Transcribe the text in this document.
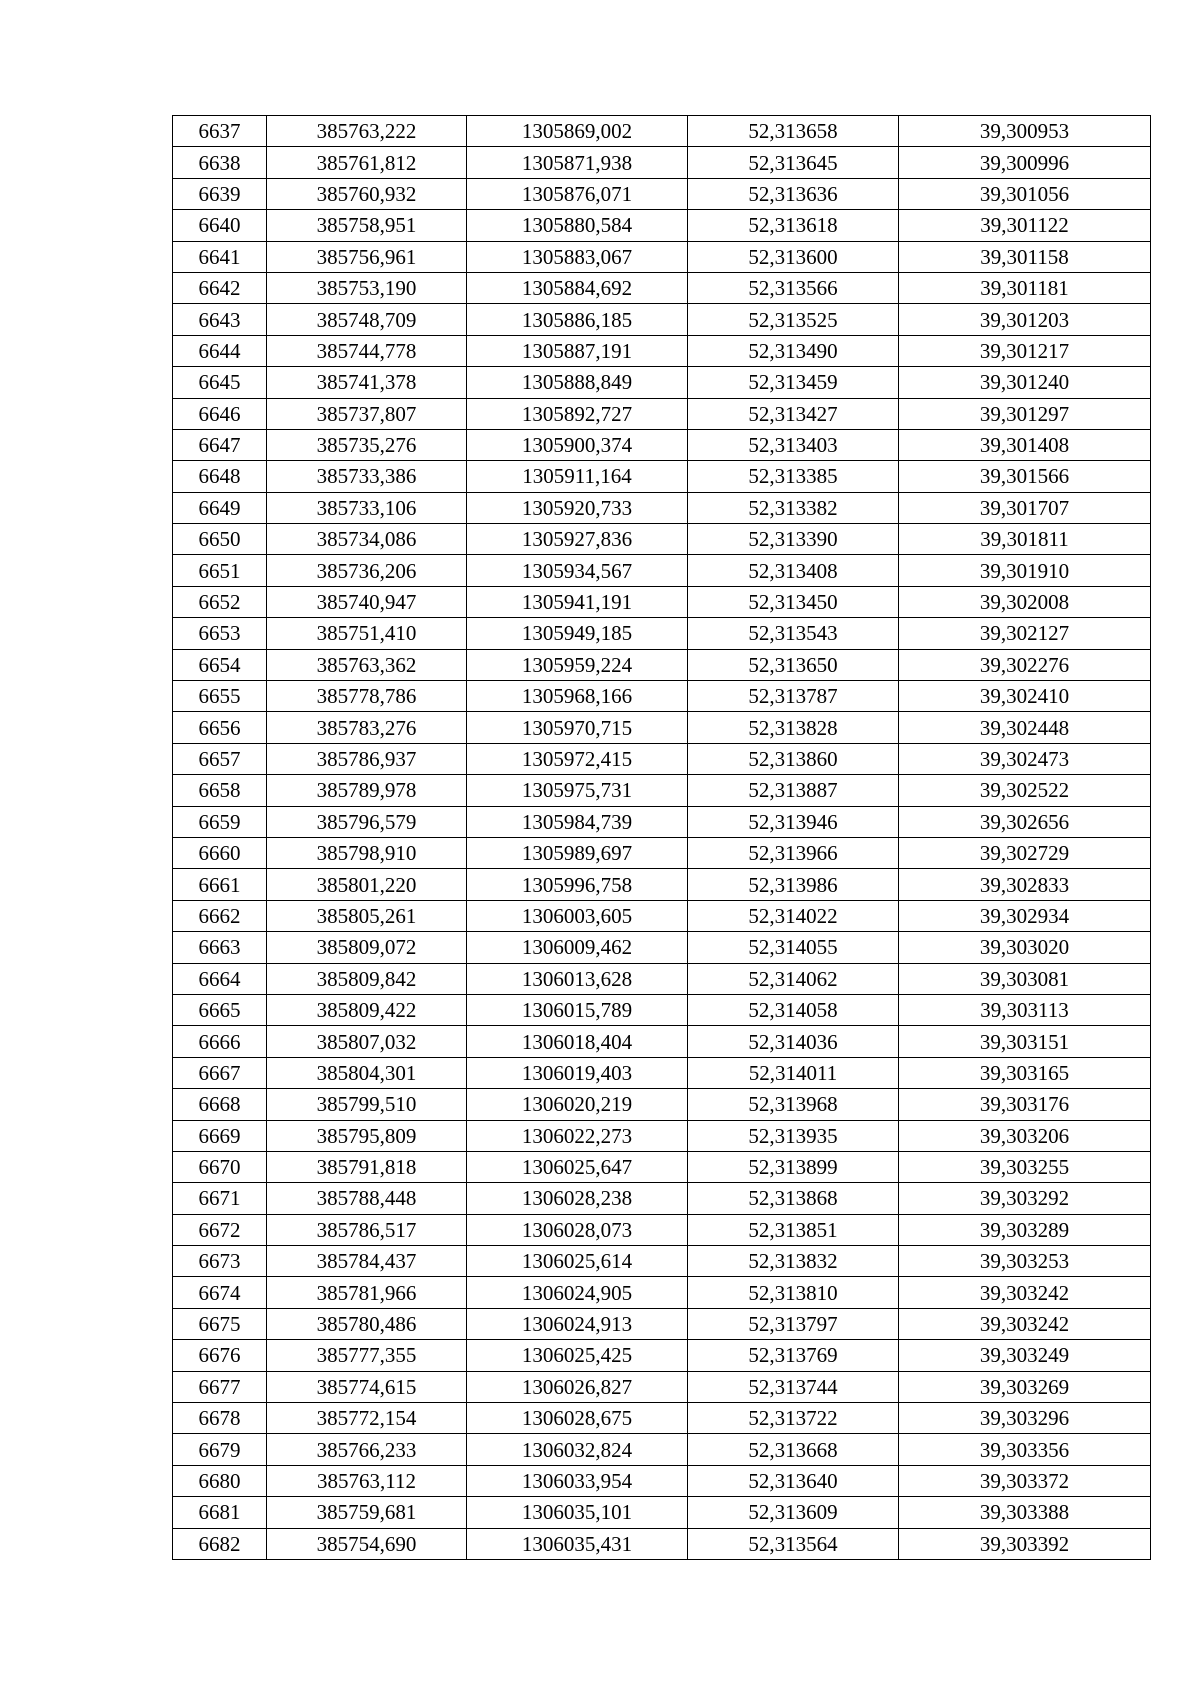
6637	385763,222	1305869,002	52,313658	39,300953
6638	385761,812	1305871,938	52,313645	39,300996
6639	385760,932	1305876,071	52,313636	39,301056
6640	385758,951	1305880,584	52,313618	39,301122
6641	385756,961	1305883,067	52,313600	39,301158
6642	385753,190	1305884,692	52,313566	39,301181
6643	385748,709	1305886,185	52,313525	39,301203
6644	385744,778	1305887,191	52,313490	39,301217
6645	385741,378	1305888,849	52,313459	39,301240
6646	385737,807	1305892,727	52,313427	39,301297
6647	385735,276	1305900,374	52,313403	39,301408
6648	385733,386	1305911,164	52,313385	39,301566
6649	385733,106	1305920,733	52,313382	39,301707
6650	385734,086	1305927,836	52,313390	39,301811
6651	385736,206	1305934,567	52,313408	39,301910
6652	385740,947	1305941,191	52,313450	39,302008
6653	385751,410	1305949,185	52,313543	39,302127
6654	385763,362	1305959,224	52,313650	39,302276
6655	385778,786	1305968,166	52,313787	39,302410
6656	385783,276	1305970,715	52,313828	39,302448
6657	385786,937	1305972,415	52,313860	39,302473
6658	385789,978	1305975,731	52,313887	39,302522
6659	385796,579	1305984,739	52,313946	39,302656
6660	385798,910	1305989,697	52,313966	39,302729
6661	385801,220	1305996,758	52,313986	39,302833
6662	385805,261	1306003,605	52,314022	39,302934
6663	385809,072	1306009,462	52,314055	39,303020
6664	385809,842	1306013,628	52,314062	39,303081
6665	385809,422	1306015,789	52,314058	39,303113
6666	385807,032	1306018,404	52,314036	39,303151
6667	385804,301	1306019,403	52,314011	39,303165
6668	385799,510	1306020,219	52,313968	39,303176
6669	385795,809	1306022,273	52,313935	39,303206
6670	385791,818	1306025,647	52,313899	39,303255
6671	385788,448	1306028,238	52,313868	39,303292
6672	385786,517	1306028,073	52,313851	39,303289
6673	385784,437	1306025,614	52,313832	39,303253
6674	385781,966	1306024,905	52,313810	39,303242
6675	385780,486	1306024,913	52,313797	39,303242
6676	385777,355	1306025,425	52,313769	39,303249
6677	385774,615	1306026,827	52,313744	39,303269
6678	385772,154	1306028,675	52,313722	39,303296
6679	385766,233	1306032,824	52,313668	39,303356
6680	385763,112	1306033,954	52,313640	39,303372
6681	385759,681	1306035,101	52,313609	39,303388
6682	385754,690	1306035,431	52,313564	39,303392
